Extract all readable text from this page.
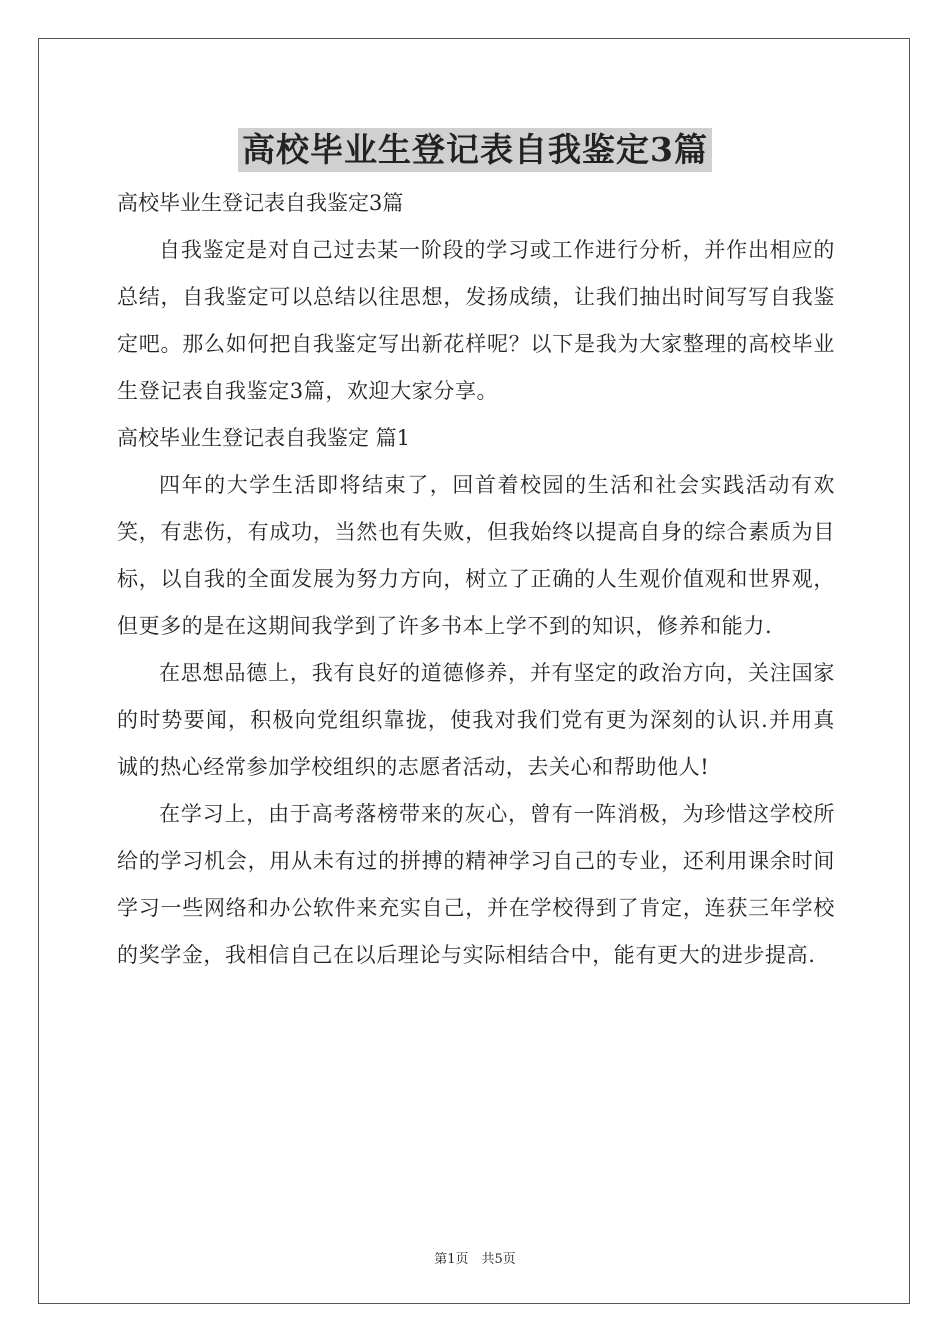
高校毕业生登记表自我鉴定3篇

高校毕业生登记表自我鉴定3篇

自我鉴定是对自己过去某一阶段的学习或工作进行分析，并作出相应的总结，自我鉴定可以总结以往思想，发扬成绩，让我们抽出时间写写自我鉴定吧。那么如何把自我鉴定写出新花样呢？以下是我为大家整理的高校毕业生登记表自我鉴定3篇，欢迎大家分享。

高校毕业生登记表自我鉴定 篇1

四年的大学生活即将结束了，回首着校园的生活和社会实践活动有欢笑，有悲伤，有成功，当然也有失败，但我始终以提高自身的综合素质为目标，以自我的全面发展为努力方向，树立了正确的人生观价值观和世界观，但更多的是在这期间我学到了许多书本上学不到的知识，修养和能力.

在思想品德上，我有良好的道德修养，并有坚定的政治方向，关注国家的时势要闻，积极向党组织靠拢，使我对我们党有更为深刻的认识.并用真诚的热心经常参加学校组织的志愿者活动，去关心和帮助他人!

在学习上，由于高考落榜带来的灰心，曾有一阵消极，为珍惜这学校所给的学习机会，用从未有过的拼搏的精神学习自己的专业，还利用课余时间学习一些网络和办公软件来充实自己，并在学校得到了肯定，连获三年学校的奖学金，我相信自己在以后理论与实际相结合中，能有更大的进步提高.

第1页　共5页
